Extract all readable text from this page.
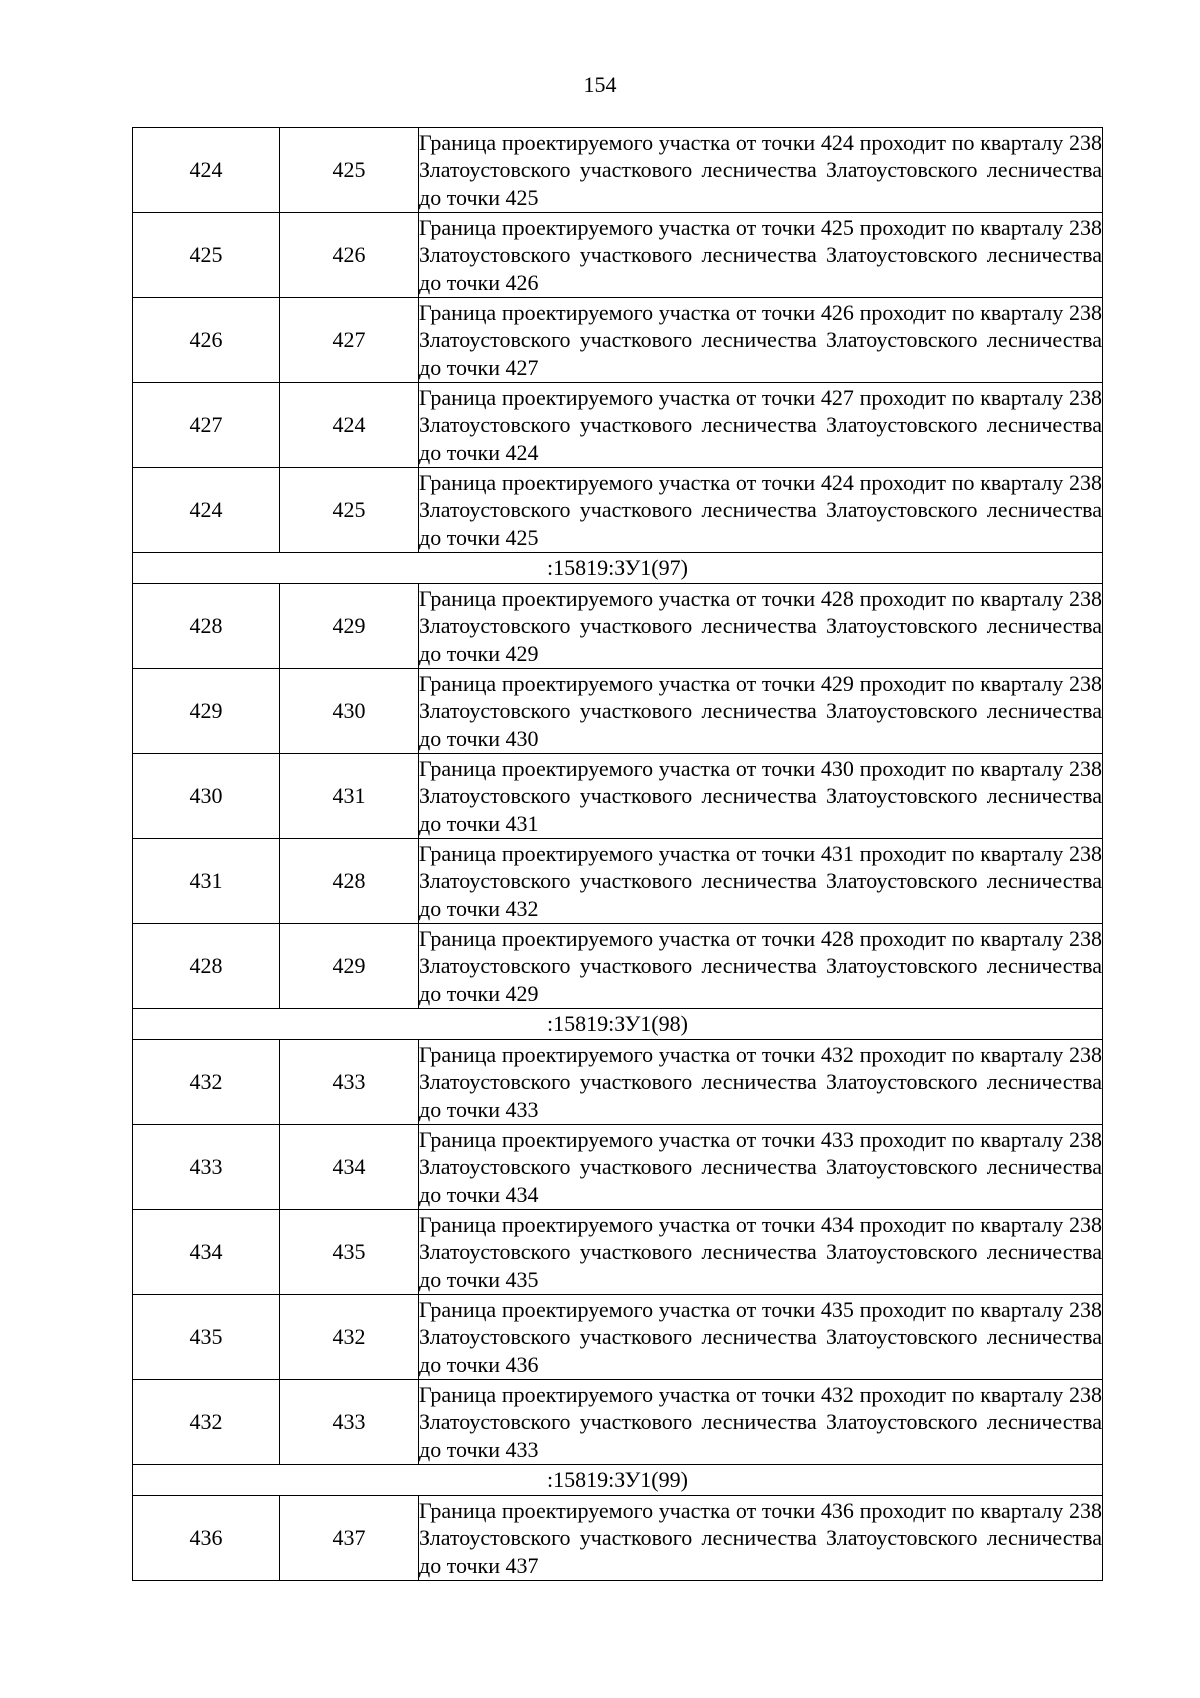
154
424	425	Граница проектируемого участка от точки 424 проходит по кварталу 238 Златоустовского участкового лесничества Златоустовского лесничества до точки 425
425	426	Граница проектируемого участка от точки 425 проходит по кварталу 238 Златоустовского участкового лесничества Златоустовского лесничества до точки 426
426	427	Граница проектируемого участка от точки 426 проходит по кварталу 238 Златоустовского участкового лесничества Златоустовского лесничества до точки 427
427	424	Граница проектируемого участка от точки 427 проходит по кварталу 238 Златоустовского участкового лесничества Златоустовского лесничества до точки 424
424	425	Граница проектируемого участка от точки 424 проходит по кварталу 238 Златоустовского участкового лесничества Златоустовского лесничества до точки 425
:15819:ЗУ1(97)		
428	429	Граница проектируемого участка от точки 428 проходит по кварталу 238 Златоустовского участкового лесничества Златоустовского лесничества до точки 429
429	430	Граница проектируемого участка от точки 429 проходит по кварталу 238 Златоустовского участкового лесничества Златоустовского лесничества до точки 430
430	431	Граница проектируемого участка от точки 430 проходит по кварталу 238 Златоустовского участкового лесничества Златоустовского лесничества до точки 431
431	428	Граница проектируемого участка от точки 431 проходит по кварталу 238 Златоустовского участкового лесничества Златоустовского лесничества до точки 432
428	429	Граница проектируемого участка от точки 428 проходит по кварталу 238 Златоустовского участкового лесничества Златоустовского лесничества до точки 429
:15819:ЗУ1(98)		
432	433	Граница проектируемого участка от точки 432 проходит по кварталу 238 Златоустовского участкового лесничества Златоустовского лесничества до точки 433
433	434	Граница проектируемого участка от точки 433 проходит по кварталу 238 Златоустовского участкового лесничества Златоустовского лесничества до точки 434
434	435	Граница проектируемого участка от точки 434 проходит по кварталу 238 Златоустовского участкового лесничества Златоустовского лесничества до точки 435
435	432	Граница проектируемого участка от точки 435 проходит по кварталу 238 Златоустовского участкового лесничества Златоустовского лесничества до точки 436
432	433	Граница проектируемого участка от точки 432 проходит по кварталу 238 Златоустовского участкового лесничества Златоустовского лесничества до точки 433
:15819:ЗУ1(99)		
436	437	Граница проектируемого участка от точки 436 проходит по кварталу 238 Златоустовского участкового лесничества Златоустовского лесничества до точки 437
